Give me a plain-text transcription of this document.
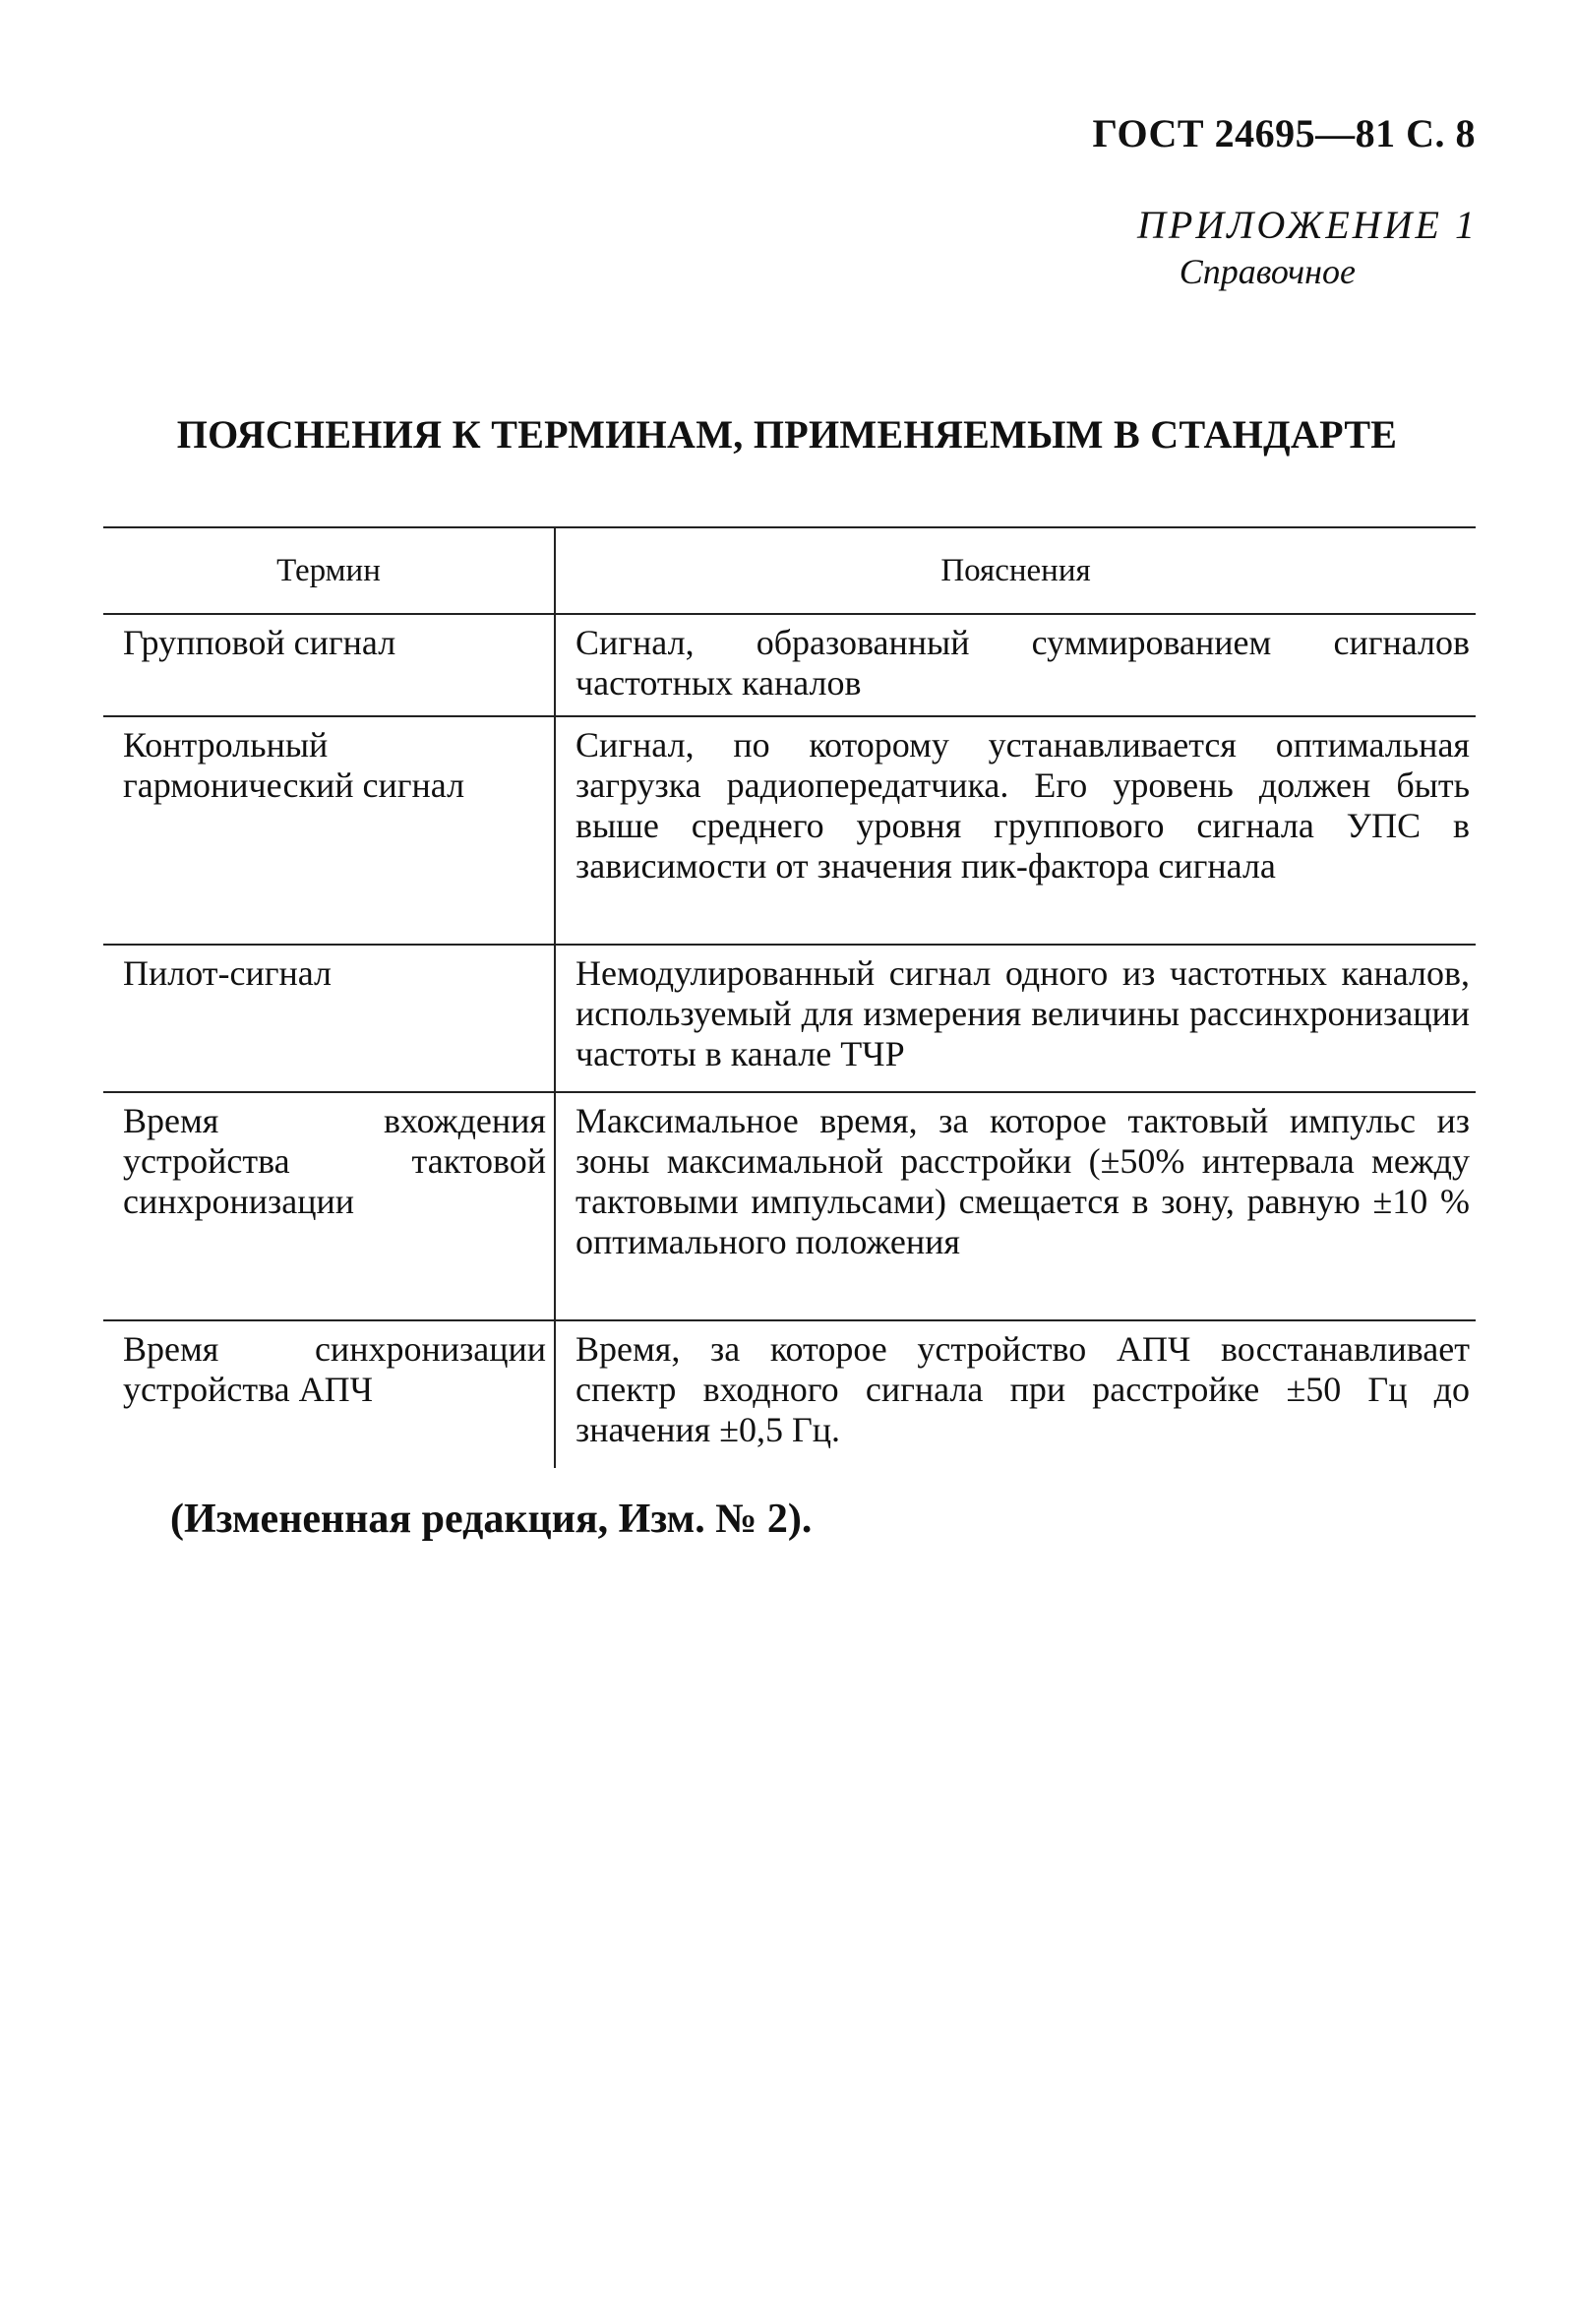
ГОСТ 24695—81 С. 8
ПРИЛОЖЕНИЕ 1
Справочное
ПОЯСНЕНИЯ К ТЕРМИНАМ, ПРИМЕНЯЕМЫМ В СТАНДАРТЕ
Термин	Пояснения
Групповой сигнал	Сигнал, образованный суммированием сигналов частотных каналов
Контрольный гармонический сигнал	Сигнал, по которому устанавливается оптимальная загрузка радиопередатчика. Его уровень должен быть выше среднего уровня группового сигнала УПС в зависимости от значения пик-фактора сигнала
Пилот-сигнал	Немодулированный сигнал одного из частотных каналов, используемый для измерения величины рассинхронизации частоты в канале ТЧР
Время вхождения устройства тактовой синхронизации	Максимальное время, за которое тактовый импульс из зоны максимальной расстройки (±50% интервала между тактовыми импульсами) смещается в зону, равную ±10 % оптимального положения
Время синхронизации устройства АПЧ	Время, за которое устройство АПЧ восстанавливает спектр входного сигнала при расстройке ±50 Гц до значения ±0,5 Гц.
(Измененная редакция, Изм. № 2).
